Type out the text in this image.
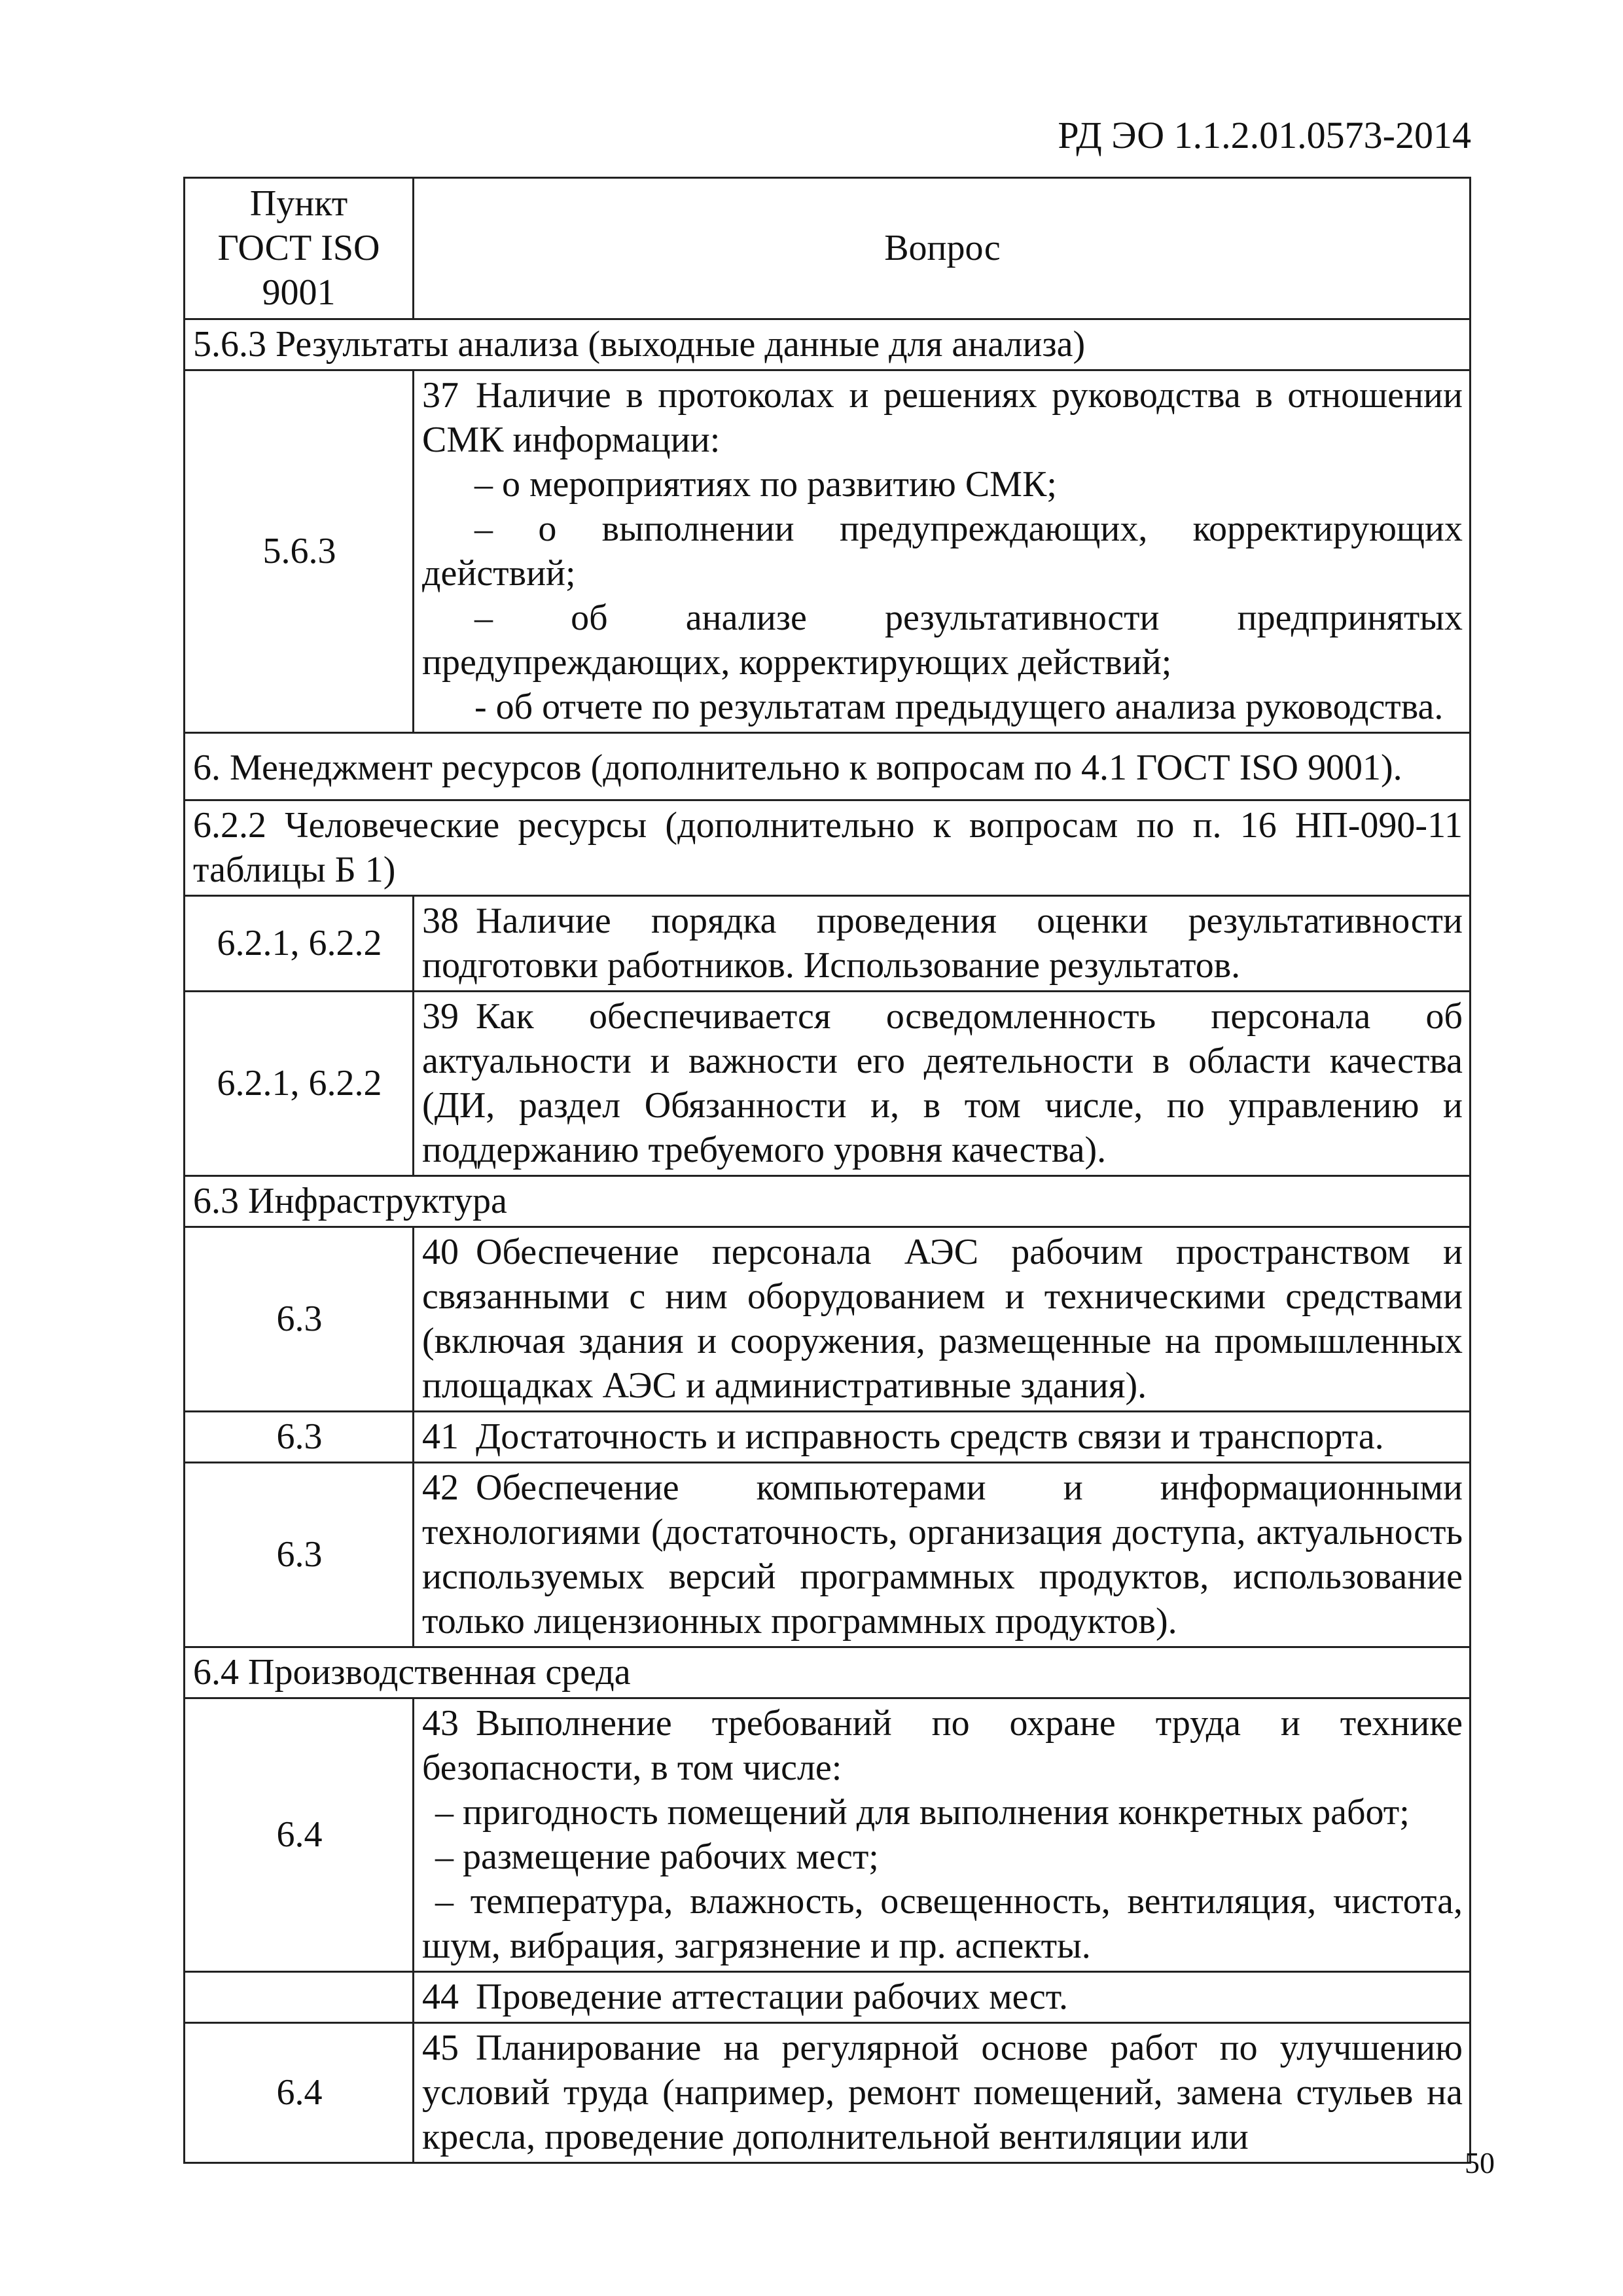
РД ЭО 1.1.2.01.0573-2014
Пункт ГОСТ ISO 9001	Вопрос
5.6.3 Результаты анализа (выходные данные для анализа)	
5.6.3	37 Наличие в протоколах и решениях руководства в отношении СМК информации:
– о мероприятиях по развитию СМК;
– о выполнении предупреждающих, корректирующих действий;
– об анализе результативности предпринятых предупреждающих, корректирующих действий;
- об отчете по результатам предыдущего анализа руководства.

6. Менеджмент ресурсов (дополнительно к вопросам по 4.1 ГОСТ ISO 9001).	
6.2.2 Человеческие ресурсы (дополнительно к вопросам по п. 16 НП-090-11 таблицы Б 1)	
6.2.1, 6.2.2	38 Наличие порядка проведения оценки результативности подготовки работников. Использование результатов.
6.2.1, 6.2.2	39 Как обеспечивается осведомленность персонала об актуальности и важности его деятельности в области качества (ДИ, раздел Обязанности и, в том числе, по управлению и поддержанию требуемого уровня качества).
6.3 Инфраструктура	
6.3	40 Обеспечение персонала АЭС рабочим пространством и связанными с ним оборудованием и техническими средствами (включая здания и сооружения, размещенные на промышленных площадках АЭС и административные здания).
6.3	41 Достаточность и исправность средств связи и транспорта.
6.3	42 Обеспечение компьютерами и информационными технологиями (достаточность, организация доступа, актуальность используемых версий программных продуктов, использование только лицензионных программных продуктов).
6.4 Производственная среда	
6.4	43 Выполнение требований по охране труда и технике безопасности, в том числе:
– пригодность помещений для выполнения конкретных работ;
– размещение рабочих мест;
– температура, влажность, освещенность, вентиляция, чистота, шум, вибрация, загрязнение и пр. аспекты.

	44 Проведение аттестации рабочих мест.
6.4	45 Планирование на регулярной основе работ по улучшению условий труда (например, ремонт помещений, замена стульев на кресла, проведение дополнительной вентиляции или
50
